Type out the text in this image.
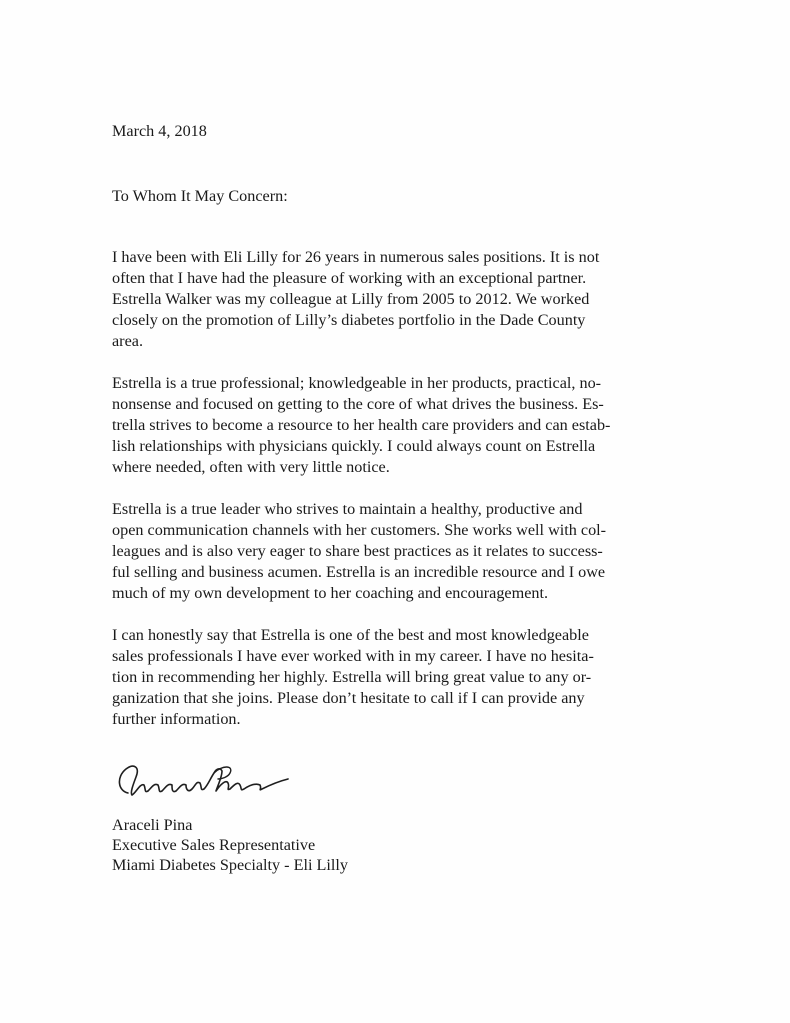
March 4, 2018

To Whom It May Concern:

I have been with Eli Lilly for 26 years in numerous sales positions. It is not
often that I have had the pleasure of working with an exceptional partner.
Estrella Walker was my colleague at Lilly from 2005 to 2012. We worked
closely on the promotion of Lilly’s diabetes portfolio in the Dade County
area.

Estrella is a true professional; knowledgeable in her products, practical, no-
nonsense and focused on getting to the core of what drives the business. Es-
trella strives to become a resource to her health care providers and can estab-
lish relationships with physicians quickly. I could always count on Estrella
where needed, often with very little notice.

Estrella is a true leader who strives to maintain a healthy, productive and
open communication channels with her customers. She works well with col-
leagues and is also very eager to share best practices as it relates to success-
ful selling and business acumen. Estrella is an incredible resource and I owe
much of my own development to her coaching and encouragement.

I can honestly say that Estrella is one of the best and most knowledgeable
sales professionals I have ever worked with in my career. I have no hesita-
tion in recommending her highly. Estrella will bring great value to any or-
ganization that she joins. Please don’t hesitate to call if I can provide any
further information.

Araceli Pina
Executive Sales Representative
Miami Diabetes Specialty - Eli Lilly
